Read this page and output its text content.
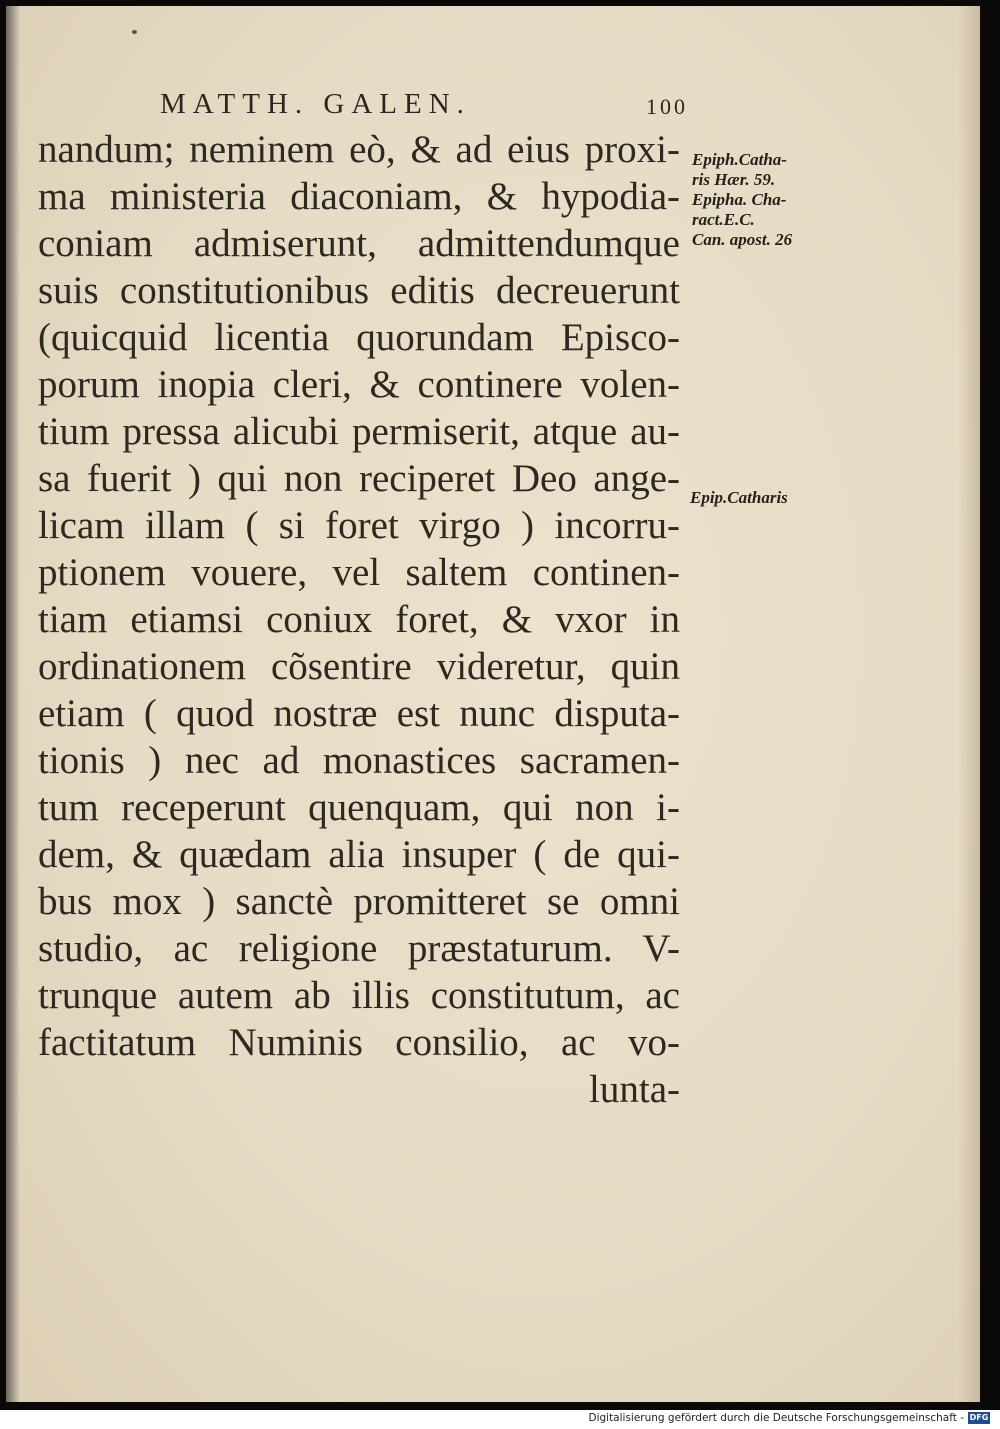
MATTH. GALEN.	100
nandum; neminem eò, & ad eius proxi-
ma ministeria diaconiam, & hypodia-
coniam admiserunt, admittendumque
suis constitutionibus editis decreuerunt
(quicquid licentia quorundam Episco-
porum inopia cleri, & continere volen-
tium pressa alicubi permiserit, atque au-
sa fuerit ) qui non reciperet Deo ange-
licam illam ( si foret virgo ) incorru-
ptionem vouere, vel saltem continen-
tiam etiamsi coniux foret, & vxor in
ordinationem cõsentire videretur, quin
etiam ( quod nostræ est nunc disputa-
tionis ) nec ad monastices sacramen-
tum receperunt quenquam, qui non i-
dem, & quædam alia insuper ( de qui-
bus mox ) sanctè promitteret se omni
studio, ac religione præstaturum. V-
trunque autem ab illis constitutum, ac
factitatum Numinis consilio, ac vo-
lunta-
Epiph.Catha-
ris Hær. 59.
Epipha. Cha-
ract.E.C.
Can. apost. 26
Epip.Catharis
Digitalisierung gefördert durch die Deutsche Forschungsgemeinschaft - DFG
